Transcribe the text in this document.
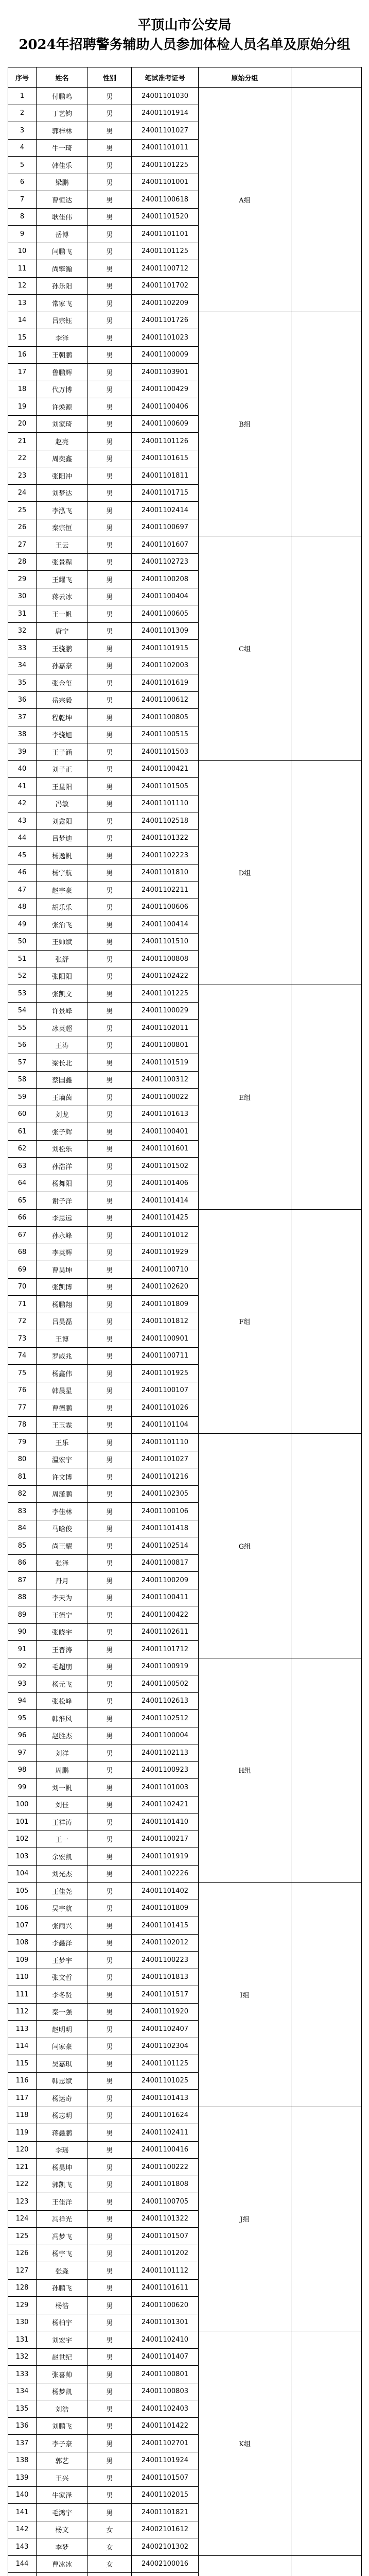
平顶山市公安局
2024年招聘警务辅助人员参加体检人员名单及原始分组
序号	姓名	性别	笔试准考证号	原始分组	
1	付鹏鸣	男	24001101030	A组	
2	丁艺钧	男	24001101914		
3	郭梓林	男	24001101027		
4	牛一琦	男	24001101011		
5	韩佳乐	男	24001101225		
6	梁鹏	男	24001101001		
7	曹恒达	男	24001100618		
8	耿佳伟	男	24001101520		
9	岳博	男	24001101101		
10	闫鹏飞	男	24001101125		
11	尚擎瀚	男	24001100712		
12	孙乐阳	男	24001101702		
13	常家飞	男	24001102209		
14	吕宗钰	男	24001101726	B组	
15	李泽	男	24001101023		
16	王朝鹏	男	24001100009		
17	鲁鹏辉	男	24001103901		
18	代万博	男	24001100429		
19	许焕源	男	24001100406		
20	刘家琦	男	24001100609		
21	赵亮	男	24001101126		
22	周奕鑫	男	24001101615		
23	张阳冲	男	24001101811		
24	刘梦达	男	24001101715		
25	李泓飞	男	24001102414		
26	秦宗恒	男	24001100697		
27	王云	男	24001101607	C组	
28	张景程	男	24001102723		
29	王耀飞	男	24001100208		
30	蒋云冰	男	24001100404		
31	王一帆	男	24001100605		
32	唐宁	男	24001101309		
33	王骁鹏	男	24001101915		
34	孙嘉豪	男	24001102003		
35	张金玺	男	24001101619		
36	岳宗毅	男	24001100612		
37	程乾坤	男	24001100805		
38	李骁旭	男	24001100515		
39	王子涵	男	24001101503		
40	刘子正	男	24001100421	D组	
41	王星阳	男	24001101505		
42	冯敏	男	24001101110		
43	刘鑫阳	男	24001102518		
44	吕梦迪	男	24001101322		
45	杨逸帆	男	24001102223		
46	杨宇航	男	24001101810		
47	赵宇豪	男	24001102211		
48	胡乐乐	男	24001100606		
49	张治飞	男	24001100414		
50	王帅斌	男	24001101510		
51	张舒	男	24001100808		
52	张阳阳	男	24001102422		
53	张凯文	男	24001101225	E组	
54	许景峰	男	24001100029		
55	冰英超	男	24001102011		
56	王涛	男	24001100801		
57	梁长北	男	24001101519		
58	蔡国鑫	男	24001100312		
59	王墒茵	男	24001100022		
60	刘龙	男	24001101613		
61	张子辉	男	24001100401		
62	刘松乐	男	24001101601		
63	孙浩洋	男	24001101502		
64	杨舞阳	男	24001101406		
65	谢子洋	男	24001101414		
66	李思远	男	24001101425	F组	
67	孙永峰	男	24001101012		
68	李英辉	男	24001101929		
69	曹昊坤	男	24001100710		
70	张凯博	男	24001102620		
71	杨鹏翔	男	24001101809		
72	吕昊磊	男	24001101812		
73	王博	男	24001100901		
74	罗威兆	男	24001100711		
75	杨鑫伟	男	24001101925		
76	韩晨星	男	24001100107		
77	曹德鹏	男	24001101026		
78	王玉霖	男	24001101104		
79	王乐	男	24001101110	G组	
80	温宏宇	男	24001101027		
81	许文博	男	24001101216		
82	周潇鹏	男	24001102305		
83	李佳林	男	24001100106		
84	马晗俊	男	24001101418		
85	尚王耀	男	24001102514		
86	张泽	男	24001100817		
87	丹月	男	24001100209		
88	李天为	男	24001100411		
89	王德宁	男	24001100422		
90	张晓宇	男	24001102611		
91	王晋涛	男	24001101712		
92	毛超朋	男	24001100919	H组	
93	杨元飞	男	24001100502		
94	张松峰	男	24001102613		
95	韩淮风	男	24001102512		
96	赵胜杰	男	24001100004		
97	刘洋	男	24001102113		
98	周鹏	男	24001100923		
99	刘一帆	男	24001101003		
100	刘佳	男	24001102421		
101	王祥涛	男	24001101410		
102	王一	男	24001100217		
103	余宏凯	男	24001101919		
104	刘光杰	男	24001102226		
105	王佳尧	男	24001101402	I组	
106	吴宇航	男	24001101809		
107	张雨兴	男	24001101415		
108	李鑫泽	男	24001102012		
109	王梦宇	男	24001100223		
110	张文哲	男	24001101813		
111	李冬贤	男	24001101517		
112	秦一强	男	24001101920		
113	赵明明	男	24001102407		
114	闫家豪	男	24001102304		
115	吴嘉琪	男	24001101125		
116	韩志斌	男	24001101025		
117	杨运奇	男	24001101413		
118	杨志明	男	24001101624	J组	
119	蒋鑫鹏	男	24001102411		
120	李瑶	男	24001100416		
121	杨昊坤	男	24001100222		
122	郭凯飞	男	24001101808		
123	王佳洋	男	24001100705		
124	冯祥光	男	24001101322		
125	冯梦飞	男	24001101507		
126	杨宇飞	男	24001101202		
127	张淼	男	24001101112		
128	孙鹏飞	男	24001101611		
129	杨浩	男	24001100620		
130	杨柏宇	男	24001101301		
131	刘宏宇	男	24001102410	K组	
132	赵世纪	男	24001101407		
133	张喜帅	男	24001100801		
134	杨梦凯	男	24001100803		
135	刘浩	男	24001102403		
136	刘鹏飞	男	24001101422		
137	李子豪	男	24001102701		
138	郭艺	男	24001101924		
139	王兴	男	24001101507		
140	牛家泽	男	24001102015		
141	毛鸿宇	男	24001101821		
142	杨文	女	24002101612		
143	李梦	女	24002101302		
144	曹冰冰	女	24002100016		
